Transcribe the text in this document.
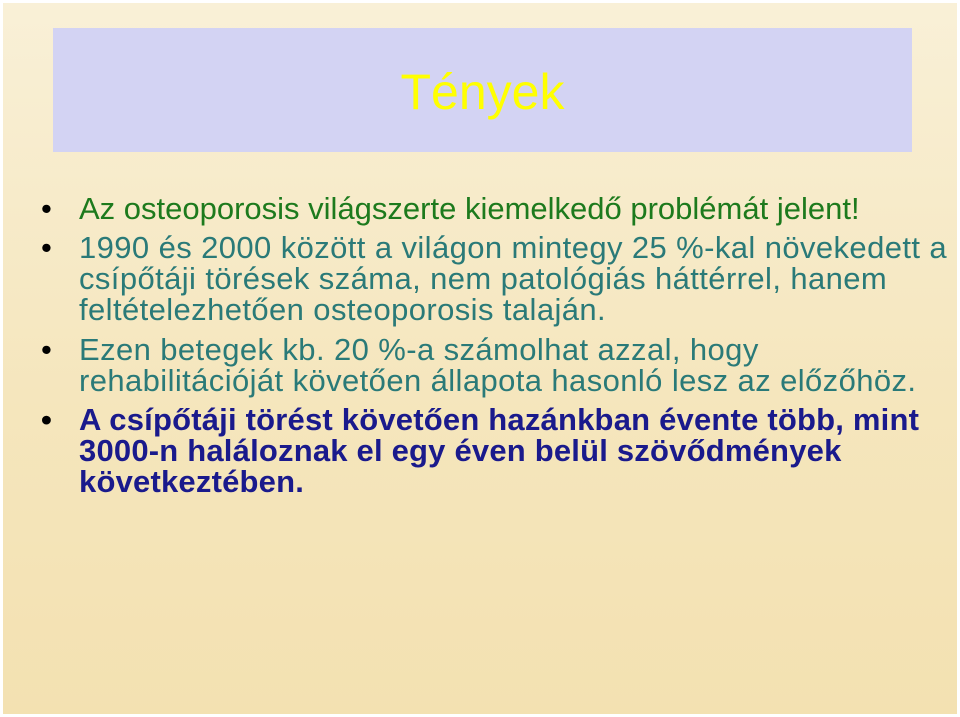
Tények
• Az osteoporosis világszerte kiemelkedő problémát jelent!
• 1990 és 2000 között a világon mintegy 25 %-kal növekedett a csípőtáji törések száma, nem patológiás háttérrel, hanem feltételezhetően osteoporosis talaján.
• Ezen betegek kb. 20 %-a számolhat azzal, hogy rehabilitációját követően állapota hasonló lesz az előzőhöz.
• A csípőtáji törést követően hazánkban évente több, mint 3000-n haláloznak el egy éven belül szövődmények következtében.
